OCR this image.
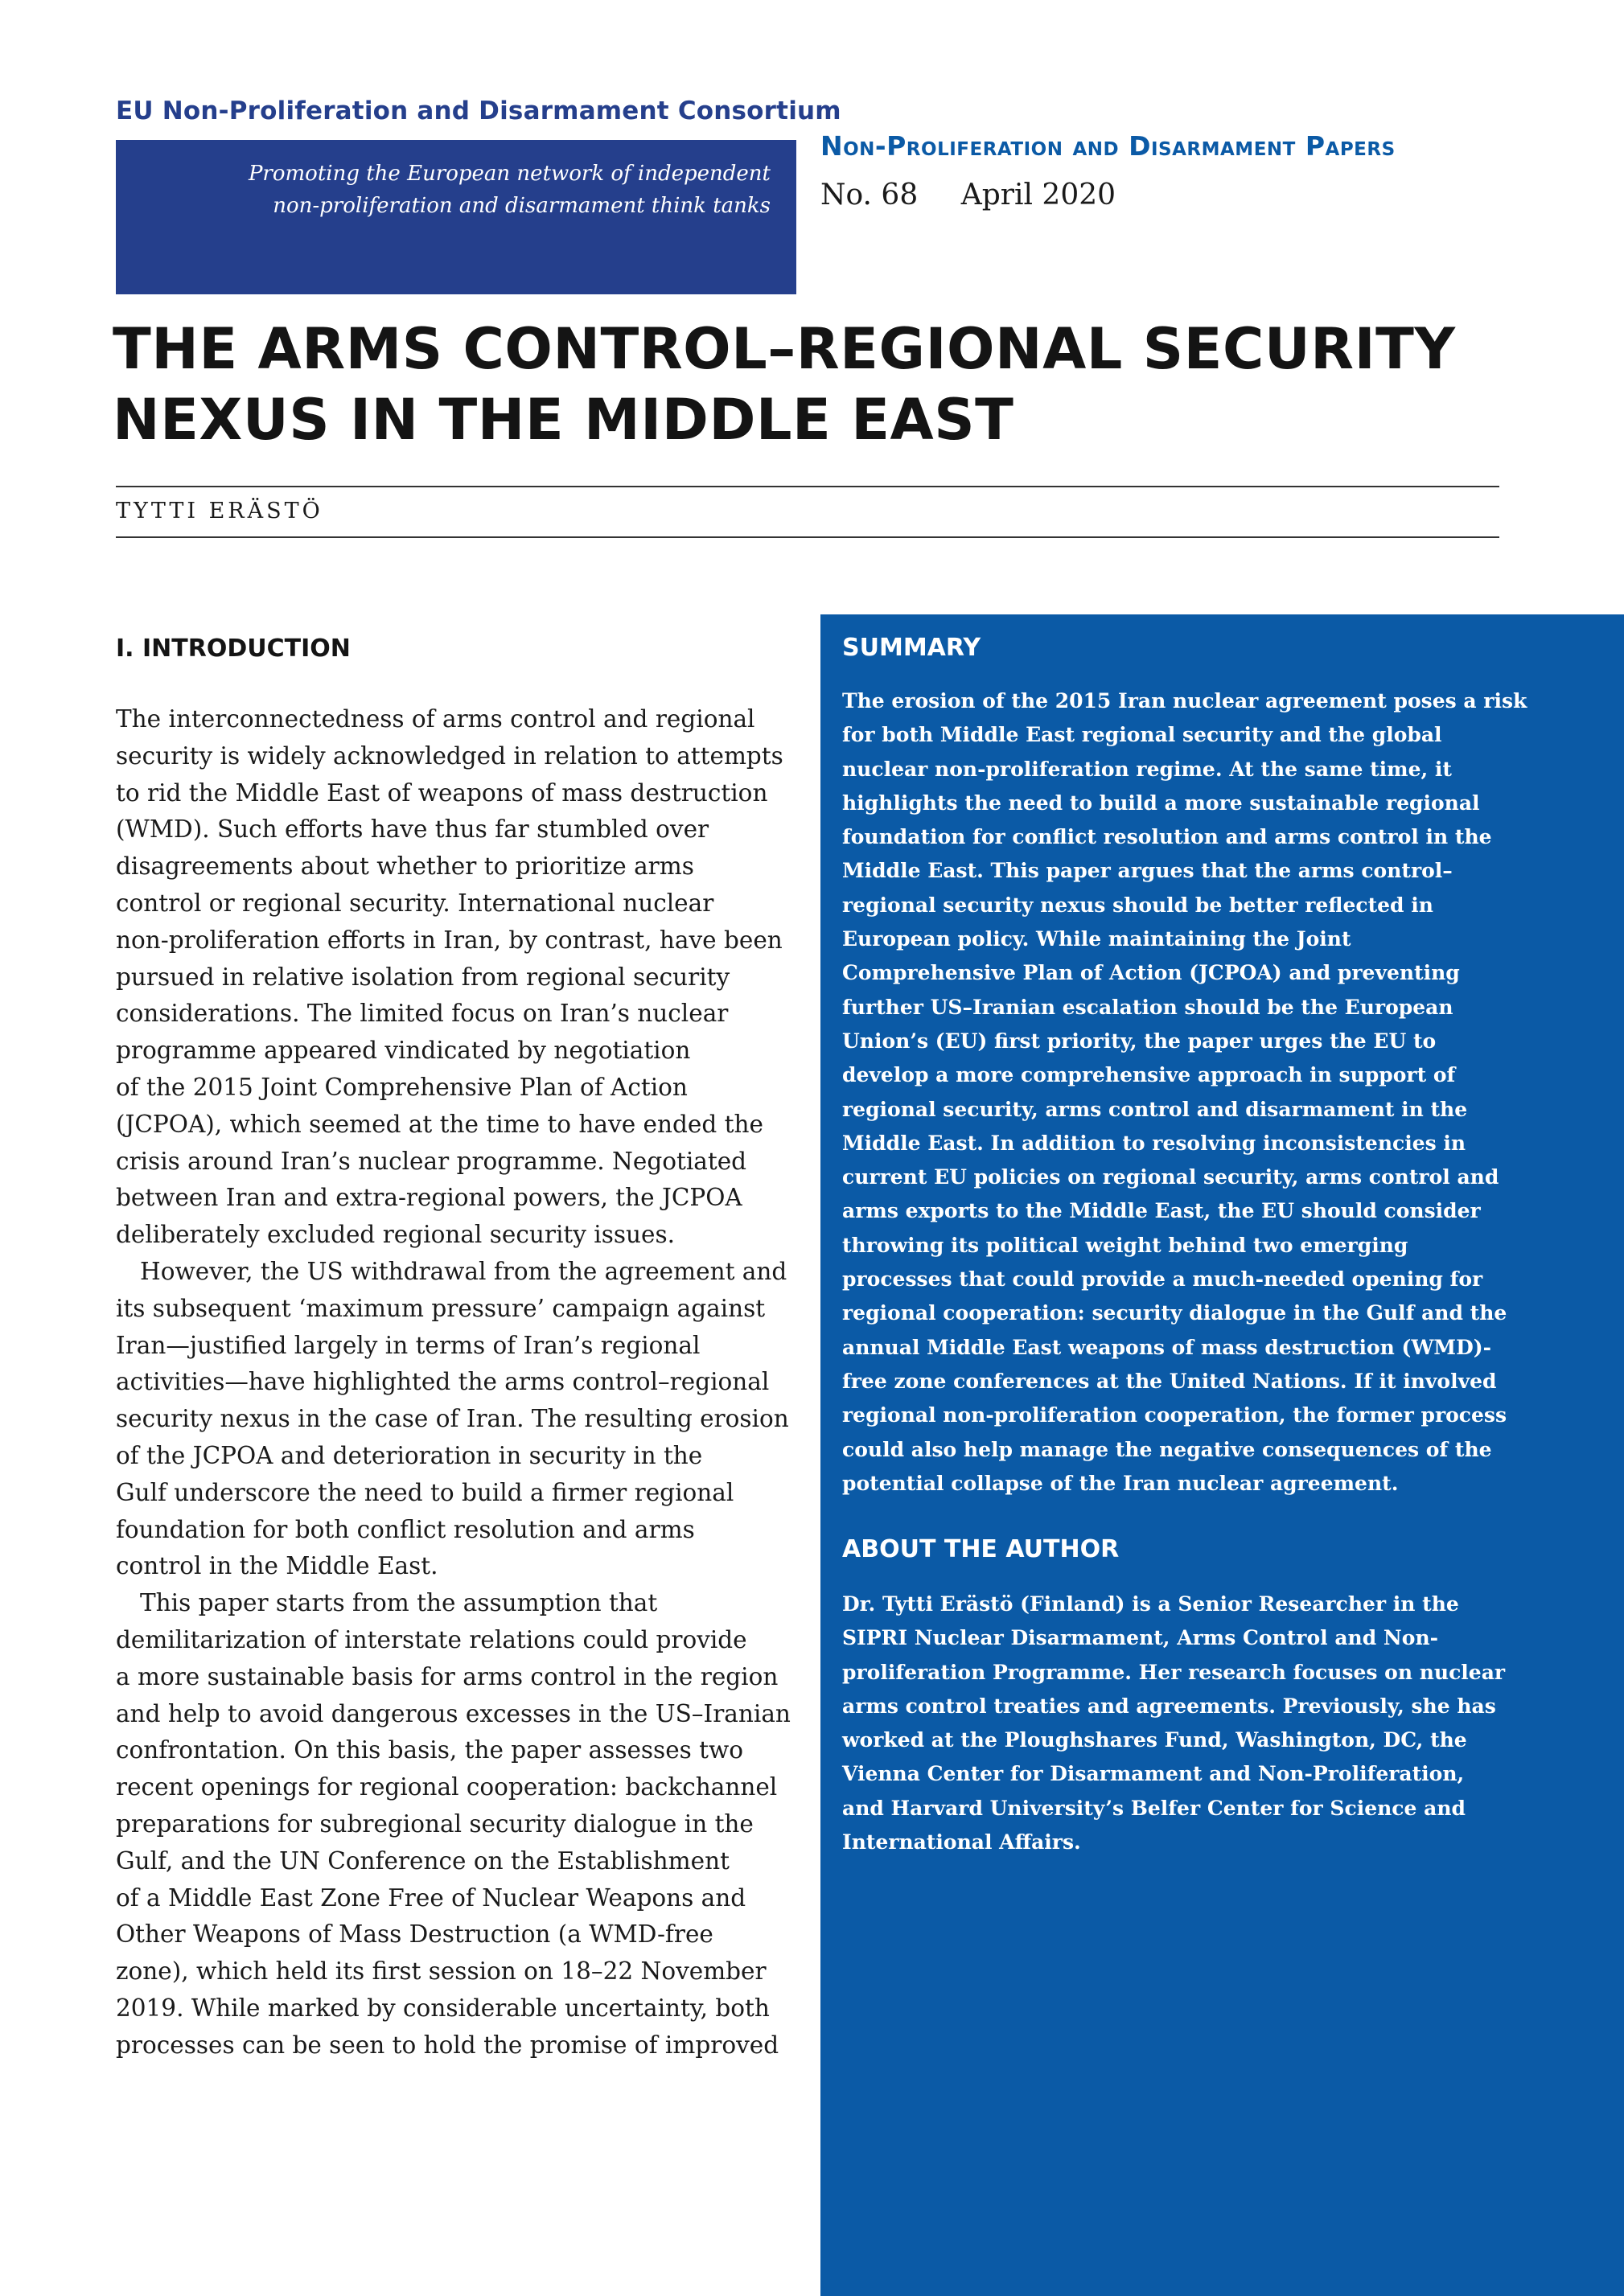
EU Non-Proliferation and Disarmament Consortium
Promoting the European network of independent
non-proliferation and disarmament think tanks
Non-Proliferation and Disarmament Papers
No. 68 April 2020
THE ARMS CONTROL–REGIONAL SECURITY
NEXUS IN THE MIDDLE EAST
TYTTI ERÄSTÖ
I. INTRODUCTION
The interconnectedness of arms control and regional
security is widely acknowledged in relation to attempts
to rid the Middle East of weapons of mass destruction
(WMD). Such efforts have thus far stumbled over
disagreements about whether to prioritize arms
control or regional security. International nuclear
non-proliferation efforts in Iran, by contrast, have been
pursued in relative isolation from regional security
considerations. The limited focus on Iran’s nuclear
programme appeared vindicated by negotiation
of the 2015 Joint Comprehensive Plan of Action
(JCPOA), which seemed at the time to have ended the
crisis around Iran’s nuclear programme. Negotiated
between Iran and extra-regional powers, the JCPOA
deliberately excluded regional security issues.
However, the US withdrawal from the agreement and
its subsequent ‘maximum pressure’ campaign against
Iran—justified largely in terms of Iran’s regional
activities—have highlighted the arms control–regional
security nexus in the case of Iran. The resulting erosion
of the JCPOA and deterioration in security in the
Gulf underscore the need to build a firmer regional
foundation for both conflict resolution and arms
control in the Middle East.
This paper starts from the assumption that
demilitarization of interstate relations could provide
a more sustainable basis for arms control in the region
and help to avoid dangerous excesses in the US–Iranian
confrontation. On this basis, the paper assesses two
recent openings for regional cooperation: backchannel
preparations for subregional security dialogue in the
Gulf, and the UN Conference on the Establishment
of a Middle East Zone Free of Nuclear Weapons and
Other Weapons of Mass Destruction (a WMD-free
zone), which held its first session on 18–22 November
2019. While marked by considerable uncertainty, both
processes can be seen to hold the promise of improved
SUMMARY
The erosion of the 2015 Iran nuclear agreement poses a risk
for both Middle East regional security and the global
nuclear non-proliferation regime. At the same time, it
highlights the need to build a more sustainable regional
foundation for conflict resolution and arms control in the
Middle East. This paper argues that the arms control–
regional security nexus should be better reflected in
European policy. While maintaining the Joint
Comprehensive Plan of Action (JCPOA) and preventing
further US–Iranian escalation should be the European
Union’s (EU) first priority, the paper urges the EU to
develop a more comprehensive approach in support of
regional security, arms control and disarmament in the
Middle East. In addition to resolving inconsistencies in
current EU policies on regional security, arms control and
arms exports to the Middle East, the EU should consider
throwing its political weight behind two emerging
processes that could provide a much-needed opening for
regional cooperation: security dialogue in the Gulf and the
annual Middle East weapons of mass destruction (WMD)-
free zone conferences at the United Nations. If it involved
regional non-proliferation cooperation, the former process
could also help manage the negative consequences of the
potential collapse of the Iran nuclear agreement.
ABOUT THE AUTHOR
Dr. Tytti Erästö (Finland) is a Senior Researcher in the
SIPRI Nuclear Disarmament, Arms Control and Non-
proliferation Programme. Her research focuses on nuclear
arms control treaties and agreements. Previously, she has
worked at the Ploughshares Fund, Washington, DC, the
Vienna Center for Disarmament and Non-Proliferation,
and Harvard University’s Belfer Center for Science and
International Affairs.
